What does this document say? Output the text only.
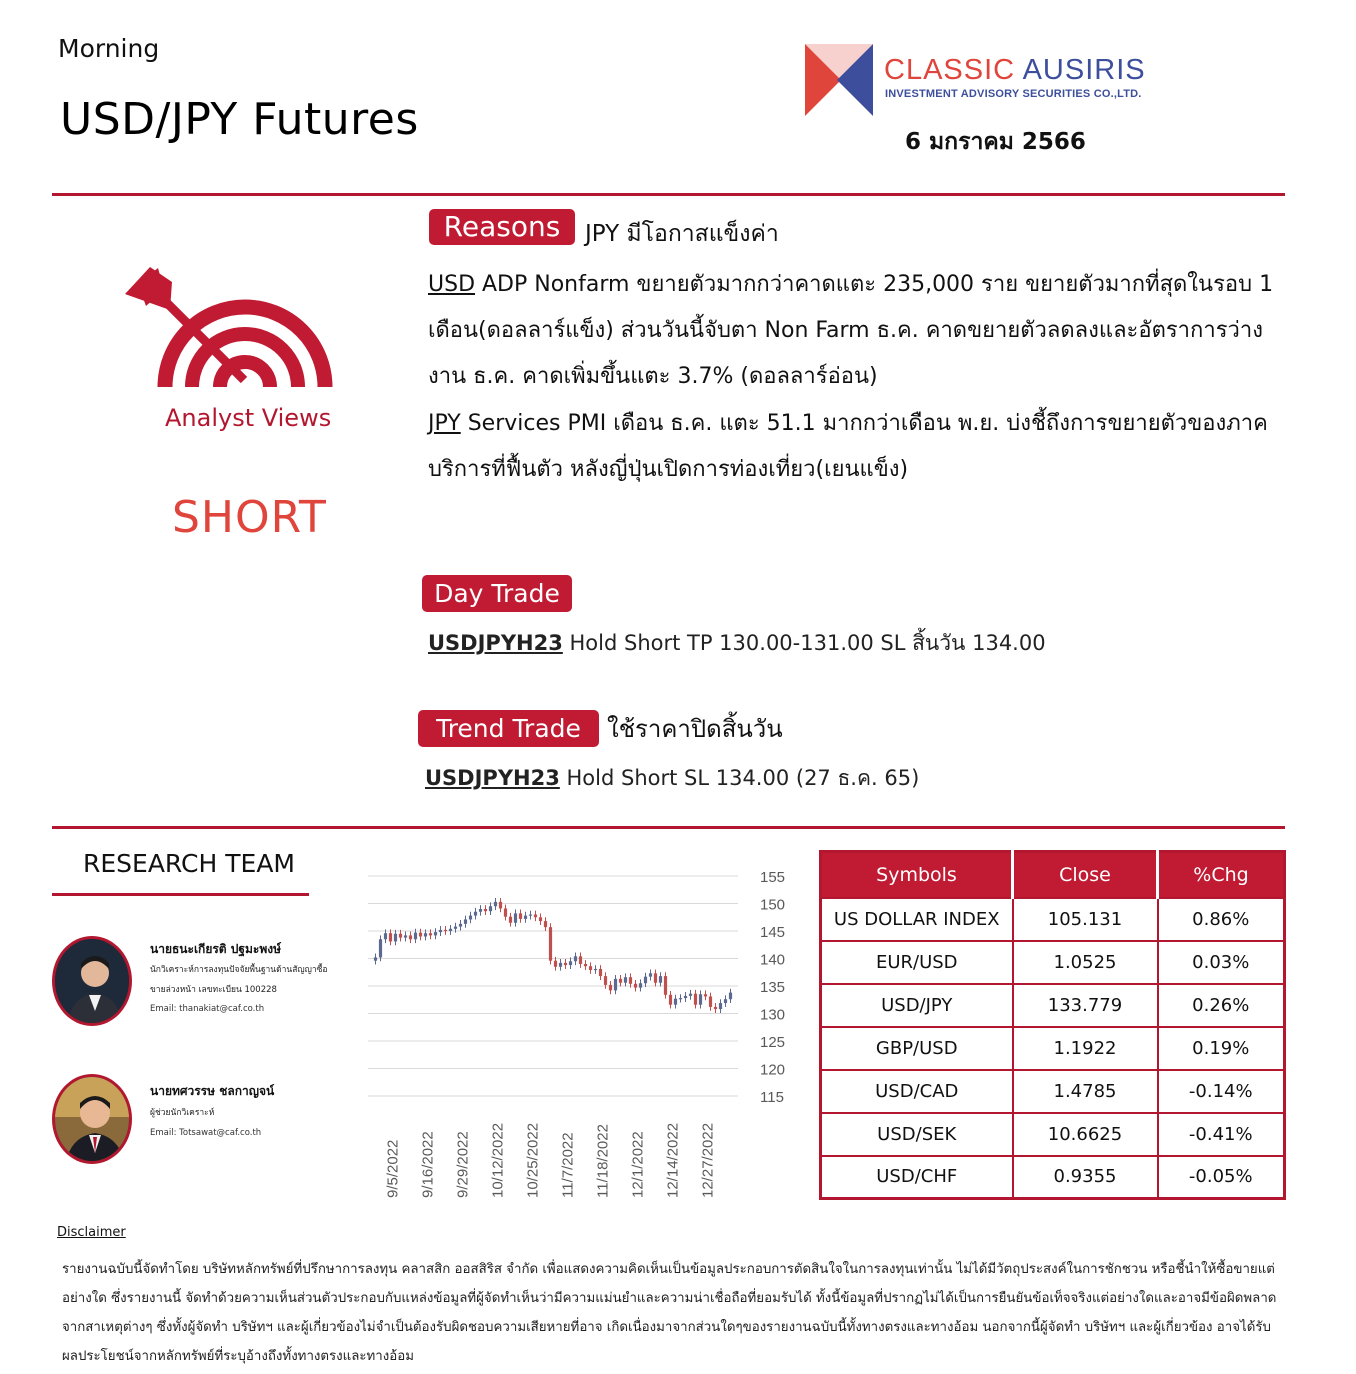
Morning
USD/JPY Futures
CLASSIC AUSIRIS
INVESTMENT ADVISORY SECURITIES CO.,LTD.
6 มกราคม 2566
Analyst Views
SHORT
Reasons	JPY มีโอกาสแข็งค่า
USD ADP Nonfarm ขยายตัวมากกว่าคาดแตะ 235,000 ราย ขยายตัวมากที่สุดในรอบ 1 เดือน(ดอลลาร์แข็ง) ส่วนวันนี้จับตา Non Farm ธ.ค. คาดขยายตัวลดลงและอัตราการว่างงาน ธ.ค. คาดเพิ่มขึ้นแตะ 3.7% (ดอลลาร์อ่อน)
JPY Services PMI เดือน ธ.ค. แตะ 51.1 มากกว่าเดือน พ.ย. บ่งชี้ถึงการขยายตัวของภาคบริการที่ฟื้นตัว หลังญี่ปุ่นเปิดการท่องเที่ยว(เยนแข็ง)
Day Trade
USDJPYH23 Hold Short TP 130.00-131.00 SL สิ้นวัน 134.00
Trend Trade	ใช้ราคาปิดสิ้นวัน
USDJPYH23 Hold Short SL 134.00 (27 ธ.ค. 65)
RESEARCH TEAM
นายธนะเกียรติ ปฐมะพงษ์
นักวิเคราะห์การลงทุนปัจจัยพื้นฐานด้านสัญญาซื้อ
ขายล่วงหน้า เลขทะเบียน 100228
Email: thanakiat@caf.co.th
นายทศวรรษ ชลกาญจน์
ผู้ช่วยนักวิเคราะห์
Email: Totsawat@caf.co.th
155
150
145
140
135
130
125
120
115
9/5/2022 9/16/2022 9/29/2022 10/12/2022 10/25/2022 11/7/2022 11/18/2022 12/1/2022 12/14/2022 12/27/2022
Symbols	Close	%Chg
US DOLLAR INDEX	105.131	0.86%
EUR/USD	1.0525	0.03%
USD/JPY	133.779	0.26%
GBP/USD	1.1922	0.19%
USD/CAD	1.4785	-0.14%
USD/SEK	10.6625	-0.41%
USD/CHF	0.9355	-0.05%
Disclaimer
รายงานฉบับนี้จัดทำโดย บริษัทหลักทรัพย์ที่ปรึกษาการลงทุน คลาสสิก ออสสิริส จำกัด เพื่อแสดงความคิดเห็นเป็นข้อมูลประกอบการตัดสินใจในการลงทุนเท่านั้น ไม่ได้มีวัตถุประสงค์ในการชักชวน หรือชี้นำให้ซื้อขายแต่อย่างใด ซึ่งรายงานนี้ จัดทำด้วยความเห็นส่วนตัวประกอบกับแหล่งข้อมูลที่ผู้จัดทำเห็นว่ามีความแม่นยำและความน่าเชื่อถือที่ยอมรับได้ ทั้งนี้ข้อมูลที่ปรากฏไม่ได้เป็นการยืนยันข้อเท็จจริงแต่อย่างใดและอาจมีข้อผิดพลาดจากสาเหตุต่างๆ ซึ่งทั้งผู้จัดทำ บริษัทฯ และผู้เกี่ยวข้องไม่จำเป็นต้องรับผิดชอบความเสียหายที่อาจ เกิดเนื่องมาจากส่วนใดๆของรายงานฉบับนี้ทั้งทางตรงและทางอ้อม นอกจากนี้ผู้จัดทำ บริษัทฯ และผู้เกี่ยวข้อง อาจได้รับผลประโยชน์จากหลักทรัพย์ที่ระบุอ้างถึงทั้งทางตรงและทางอ้อม
